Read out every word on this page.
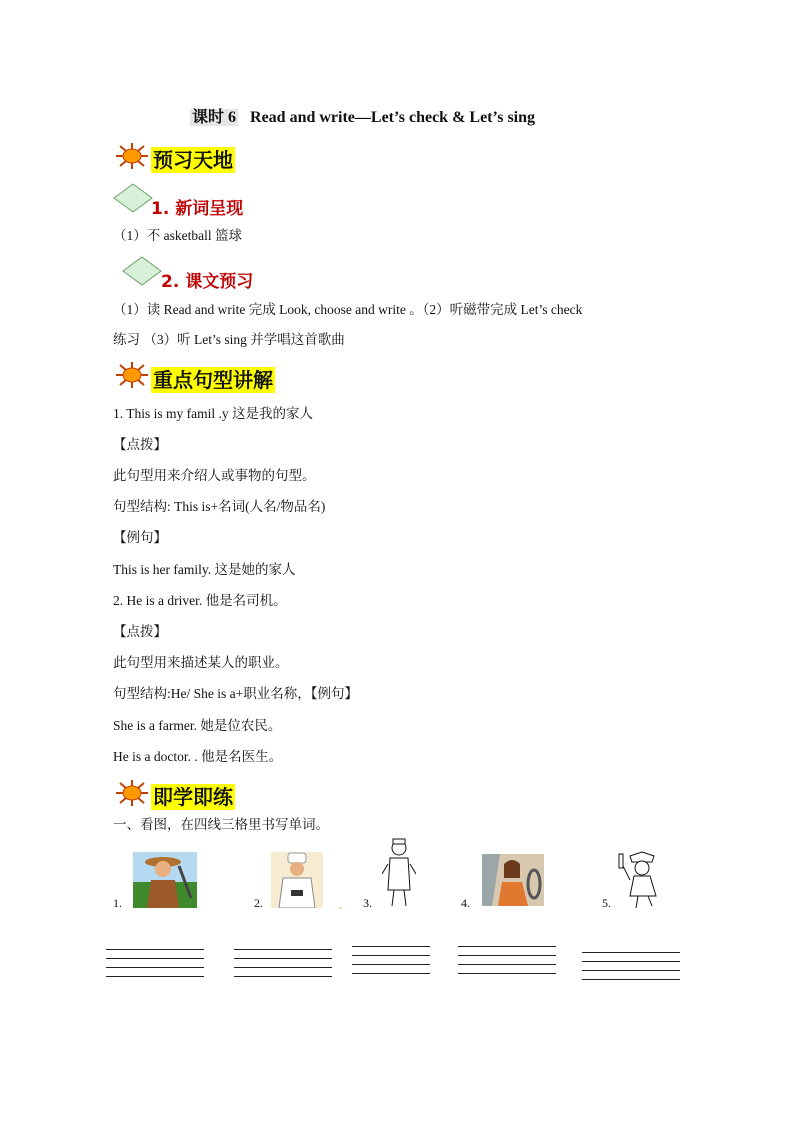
课时 6 Read and write—Let’s check & Let’s sing
预习天地
1. 新词呈现
（1）不 asketball 篮球
2. 课文预习
（1）读 Read and write 完成 Look, choose and write 。（2）听磁带完成 Let’s check
练习 （3）听 Let’s sing 并学唱这首歌曲
重点句型讲解
1. This is my famil .y 这是我的家人
【点拨】
此句型用来介绍人或事物的句型。
句型结构: This is+名词(人名/物品名)
【例句】
This is her family. 这是她的家人
2. He is a driver. 他是名司机。
【点拨】
此句型用来描述某人的职业。
句型结构:He/ She is a+职业名称，【例句】
She is a farmer. 她是位农民。
He is a doctor. . 他是名医生。
即学即练
一、看图，在四线三格里书写单词。
1.	2.	. 3.	4.	5.
